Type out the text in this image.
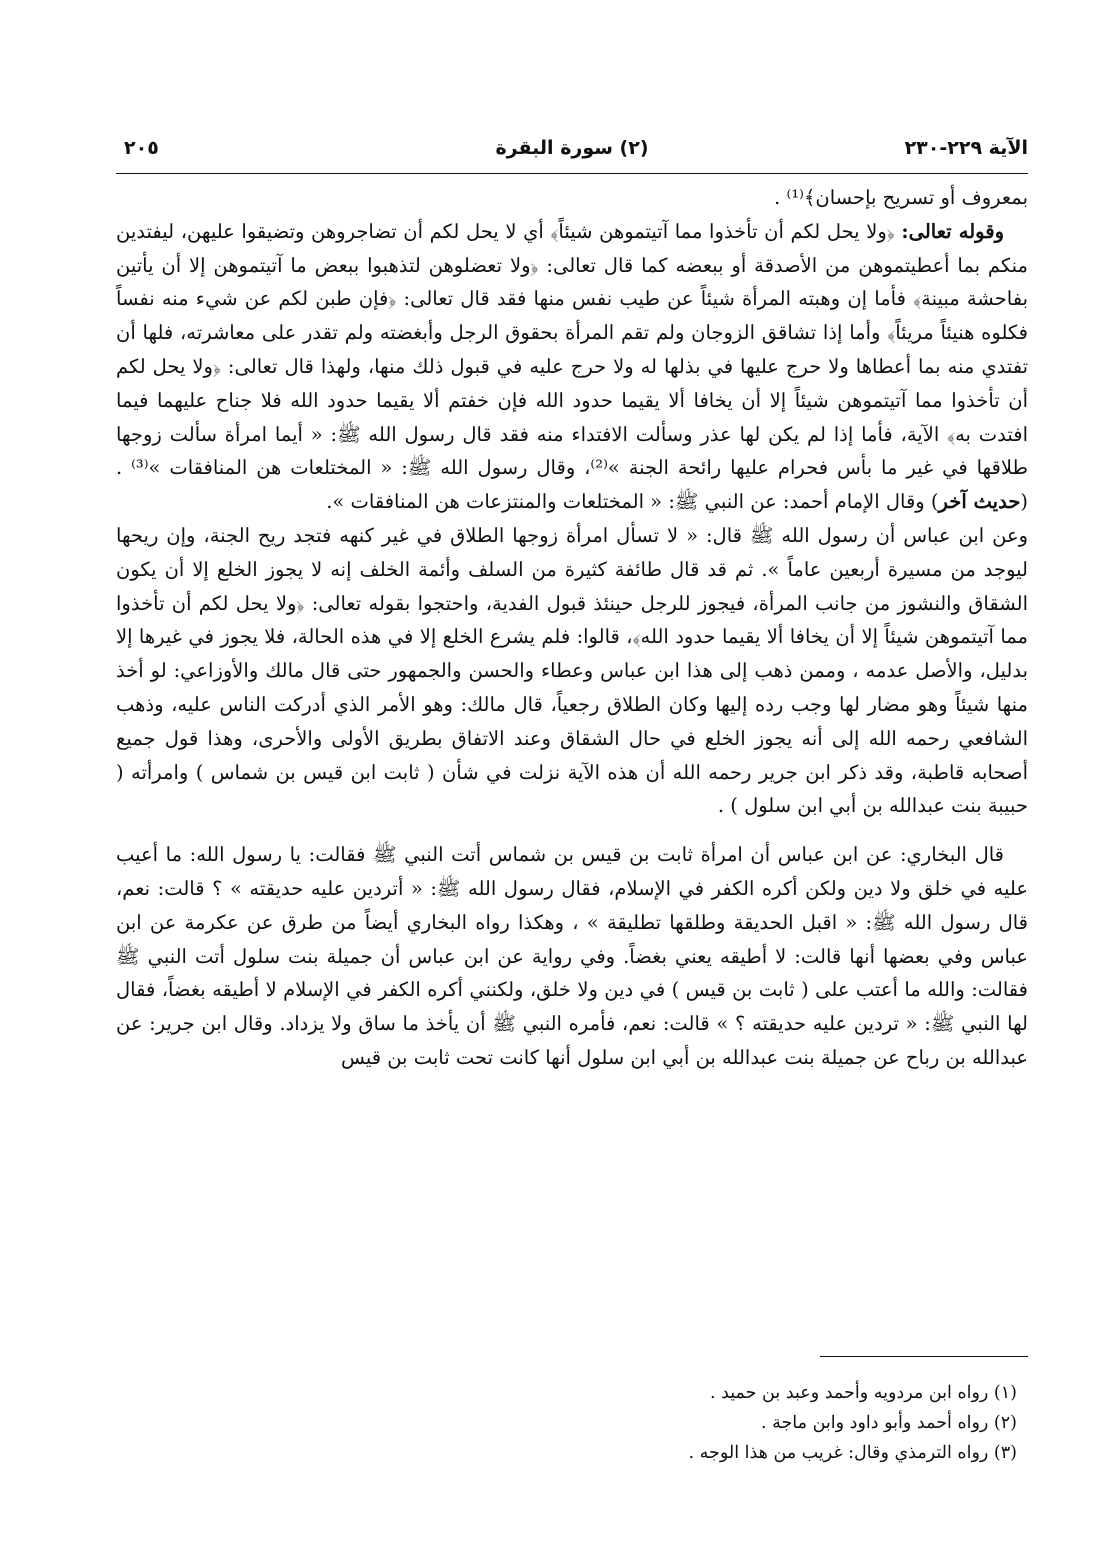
الآية ٢٢٩-٢٣٠
(٢) سورة البقرة
٢٠٥

بمعروف أو تسريح بإحسان﴾⁽¹⁾ .

وقوله تعالى: ﴿ولا يحل لكم أن تأخذوا مما آتيتموهن شيئاً﴾ أي لا يحل لكم أن تضاجروهن وتضيقوا عليهن، ليفتدين منكم بما أعطيتموهن من الأصدقة أو ببعضه كما قال تعالى: ﴿ولا تعضلوهن لتذهبوا ببعض ما آتيتموهن إلا أن يأتين بفاحشة مبينة﴾ فأما إن وهبته المرأة شيئاً عن طيب نفس منها فقد قال تعالى: ﴿فإن طبن لكم عن شيء منه نفساً فكلوه هنيئاً مريئاً﴾ وأما إذا تشاقق الزوجان ولم تقم المرأة بحقوق الرجل وأبغضته ولم تقدر على معاشرته، فلها أن تفتدي منه بما أعطاها ولا حرج عليها في بذلها له ولا حرج عليه في قبول ذلك منها، ولهذا قال تعالى: ﴿ولا يحل لكم أن تأخذوا مما آتيتموهن شيئاً إلا أن يخافا ألا يقيما حدود الله فإن خفتم ألا يقيما حدود الله فلا جناح عليهما فيما افتدت به﴾ الآية، فأما إذا لم يكن لها عذر وسألت الافتداء منه فقد قال رسول الله ﷺ: « أيما امرأة سألت زوجها طلاقها في غير ما بأس فحرام عليها رائحة الجنة »⁽²⁾، وقال رسول الله ﷺ: « المختلعات هن المنافقات »⁽³⁾ . (حديث آخر) وقال الإمام أحمد: عن النبي ﷺ: « المختلعات والمنتزعات هن المنافقات ».

وعن ابن عباس أن رسول الله ﷺ قال: « لا تسأل امرأة زوجها الطلاق في غير كنهه فتجد ريح الجنة، وإن ريحها ليوجد من مسيرة أربعين عاماً ». ثم قد قال طائفة كثيرة من السلف وأئمة الخلف إنه لا يجوز الخلع إلا أن يكون الشقاق والنشوز من جانب المرأة، فيجوز للرجل حينئذ قبول الفدية، واحتجوا بقوله تعالى: ﴿ولا يحل لكم أن تأخذوا مما آتيتموهن شيئاً إلا أن يخافا ألا يقيما حدود الله﴾، قالوا: فلم يشرع الخلع إلا في هذه الحالة، فلا يجوز في غيرها إلا بدليل، والأصل عدمه ، وممن ذهب إلى هذا ابن عباس وعطاء والحسن والجمهور حتى قال مالك والأوزاعي: لو أخذ منها شيئاً وهو مضار لها وجب رده إليها وكان الطلاق رجعياً، قال مالك: وهو الأمر الذي أدركت الناس عليه، وذهب الشافعي رحمه الله إلى أنه يجوز الخلع في حال الشقاق وعند الاتفاق بطريق الأولى والأحرى، وهذا قول جميع أصحابه قاطبة، وقد ذكر ابن جرير رحمه الله أن هذه الآية نزلت في شأن ( ثابت ابن قيس بن شماس ) وامرأته ( حبيبة بنت عبدالله بن أبي ابن سلول ) .

قال البخاري: عن ابن عباس أن امرأة ثابت بن قيس بن شماس أتت النبي ﷺ فقالت: يا رسول الله: ما أعيب عليه في خلق ولا دين ولكن أكره الكفر في الإسلام، فقال رسول الله ﷺ: « أتردين عليه حديقته » ؟ قالت: نعم، قال رسول الله ﷺ: « اقبل الحديقة وطلقها تطليقة » ، وهكذا رواه البخاري أيضاً من طرق عن عكرمة عن ابن عباس وفي بعضها أنها قالت: لا أطيقه يعني بغضاً. وفي رواية عن ابن عباس أن جميلة بنت سلول أتت النبي ﷺ فقالت: والله ما أعتب على ( ثابت بن قيس ) في دين ولا خلق، ولكنني أكره الكفر في الإسلام لا أطيقه بغضاً، فقال لها النبي ﷺ: « تردين عليه حديقته ؟ » قالت: نعم، فأمره النبي ﷺ أن يأخذ ما ساق ولا يزداد. وقال ابن جرير: عن عبدالله بن رباح عن جميلة بنت عبدالله بن أبي ابن سلول أنها كانت تحت ثابت بن قيس

(١) رواه ابن مردويه وأحمد وعبد بن حميد .
(٢) رواه أحمد وأبو داود وابن ماجة .
(٣) رواه الترمذي وقال: غريب من هذا الوجه .
